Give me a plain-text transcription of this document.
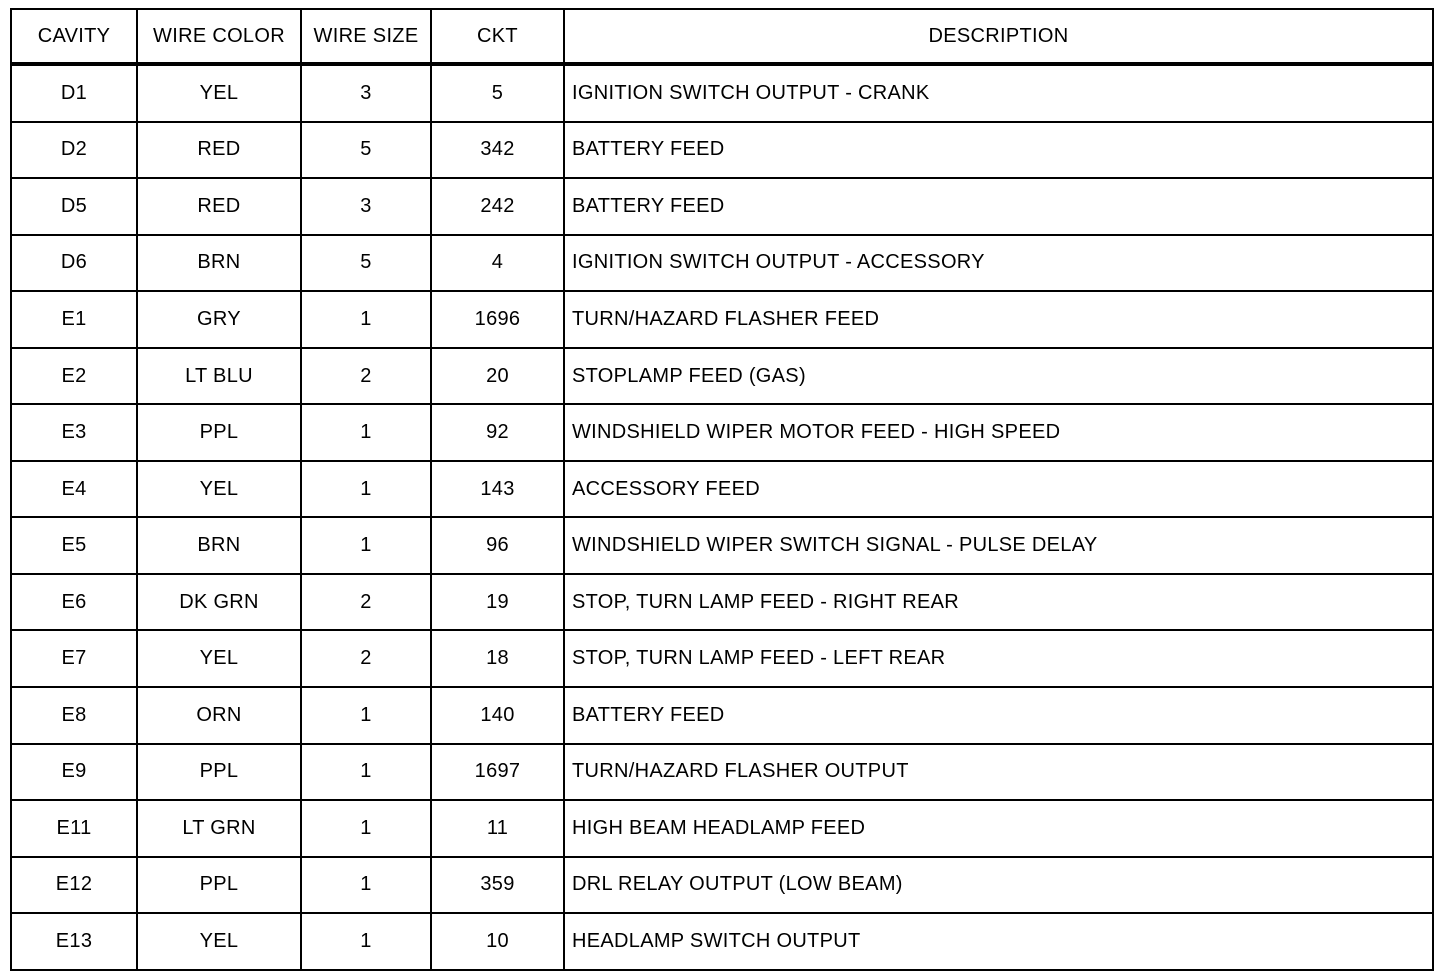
CAVITY	WIRE COLOR	WIRE SIZE	CKT	DESCRIPTION
D1	YEL	3	5	IGNITION SWITCH OUTPUT - CRANK
D2	RED	5	342	BATTERY FEED
D5	RED	3	242	BATTERY FEED
D6	BRN	5	4	IGNITION SWITCH OUTPUT - ACCESSORY
E1	GRY	1	1696	TURN/HAZARD FLASHER FEED
E2	LT BLU	2	20	STOPLAMP FEED (GAS)
E3	PPL	1	92	WINDSHIELD WIPER MOTOR FEED - HIGH SPEED
E4	YEL	1	143	ACCESSORY FEED
E5	BRN	1	96	WINDSHIELD WIPER SWITCH SIGNAL - PULSE DELAY
E6	DK GRN	2	19	STOP, TURN LAMP FEED - RIGHT REAR
E7	YEL	2	18	STOP, TURN LAMP FEED - LEFT REAR
E8	ORN	1	140	BATTERY FEED
E9	PPL	1	1697	TURN/HAZARD FLASHER OUTPUT
E11	LT GRN	1	11	HIGH BEAM HEADLAMP FEED
E12	PPL	1	359	DRL RELAY OUTPUT (LOW BEAM)
E13	YEL	1	10	HEADLAMP SWITCH OUTPUT
